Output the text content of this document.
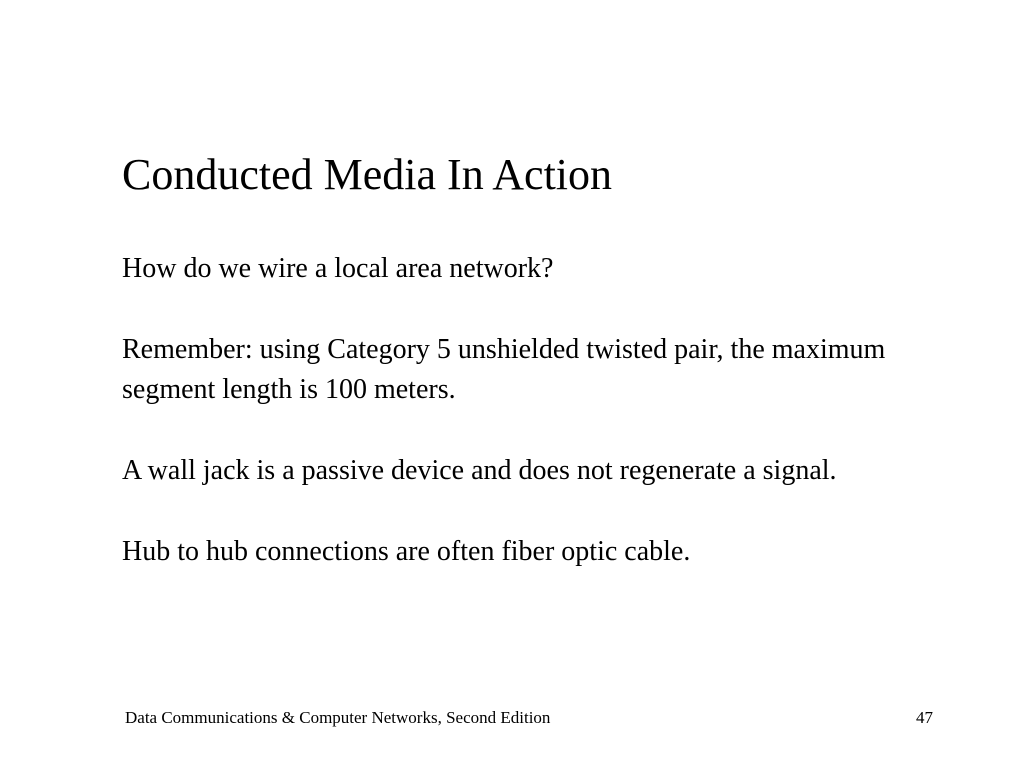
Conducted Media In Action

How do we wire a local area network?

Remember: using Category 5 unshielded twisted pair, the maximum segment length is 100 meters.

A wall jack is a passive device and does not regenerate a signal.

Hub to hub connections are often fiber optic cable.

Data Communications & Computer Networks, Second Edition	47
